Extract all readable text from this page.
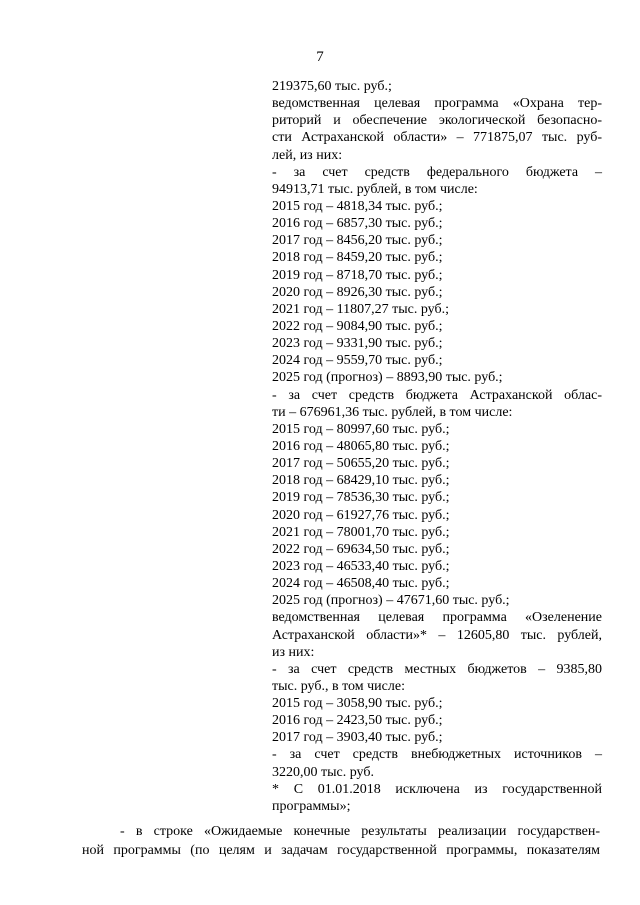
7
219375,60 тыс. руб.;
ведомственная целевая программа «Охрана тер-
риторий и обеспечение экологической безопасно-
сти Астраханской области» – 771875,07 тыс. руб-
лей, из них:
- за счет средств федерального бюджета –
94913,71 тыс. рублей, в том числе:
2015 год – 4818,34 тыс. руб.;
2016 год – 6857,30 тыс. руб.;
2017 год – 8456,20 тыс. руб.;
2018 год – 8459,20 тыс. руб.;
2019 год – 8718,70 тыс. руб.;
2020 год – 8926,30 тыс. руб.;
2021 год – 11807,27 тыс. руб.;
2022 год – 9084,90 тыс. руб.;
2023 год – 9331,90 тыс. руб.;
2024 год – 9559,70 тыс. руб.;
2025 год (прогноз) – 8893,90 тыс. руб.;
- за счет средств бюджета Астраханской облас-
ти – 676961,36 тыс. рублей, в том числе:
2015 год – 80997,60 тыс. руб.;
2016 год – 48065,80 тыс. руб.;
2017 год – 50655,20 тыс. руб.;
2018 год – 68429,10 тыс. руб.;
2019 год – 78536,30 тыс. руб.;
2020 год – 61927,76 тыс. руб.;
2021 год – 78001,70 тыс. руб.;
2022 год – 69634,50 тыс. руб.;
2023 год – 46533,40 тыс. руб.;
2024 год – 46508,40 тыс. руб.;
2025 год (прогноз) – 47671,60 тыс. руб.;
ведомственная целевая программа «Озеленение
Астраханской области»* – 12605,80 тыс. рублей,
из них:
- за счет средств местных бюджетов – 9385,80
тыс. руб., в том числе:
2015 год – 3058,90 тыс. руб.;
2016 год – 2423,50 тыс. руб.;
2017 год – 3903,40 тыс. руб.;
- за счет средств внебюджетных источников –
3220,00 тыс. руб.
* С 01.01.2018 исключена из государственной
программы»;
- в строке «Ожидаемые конечные результаты реализации государствен-
ной программы (по целям и задачам государственной программы, показателям
